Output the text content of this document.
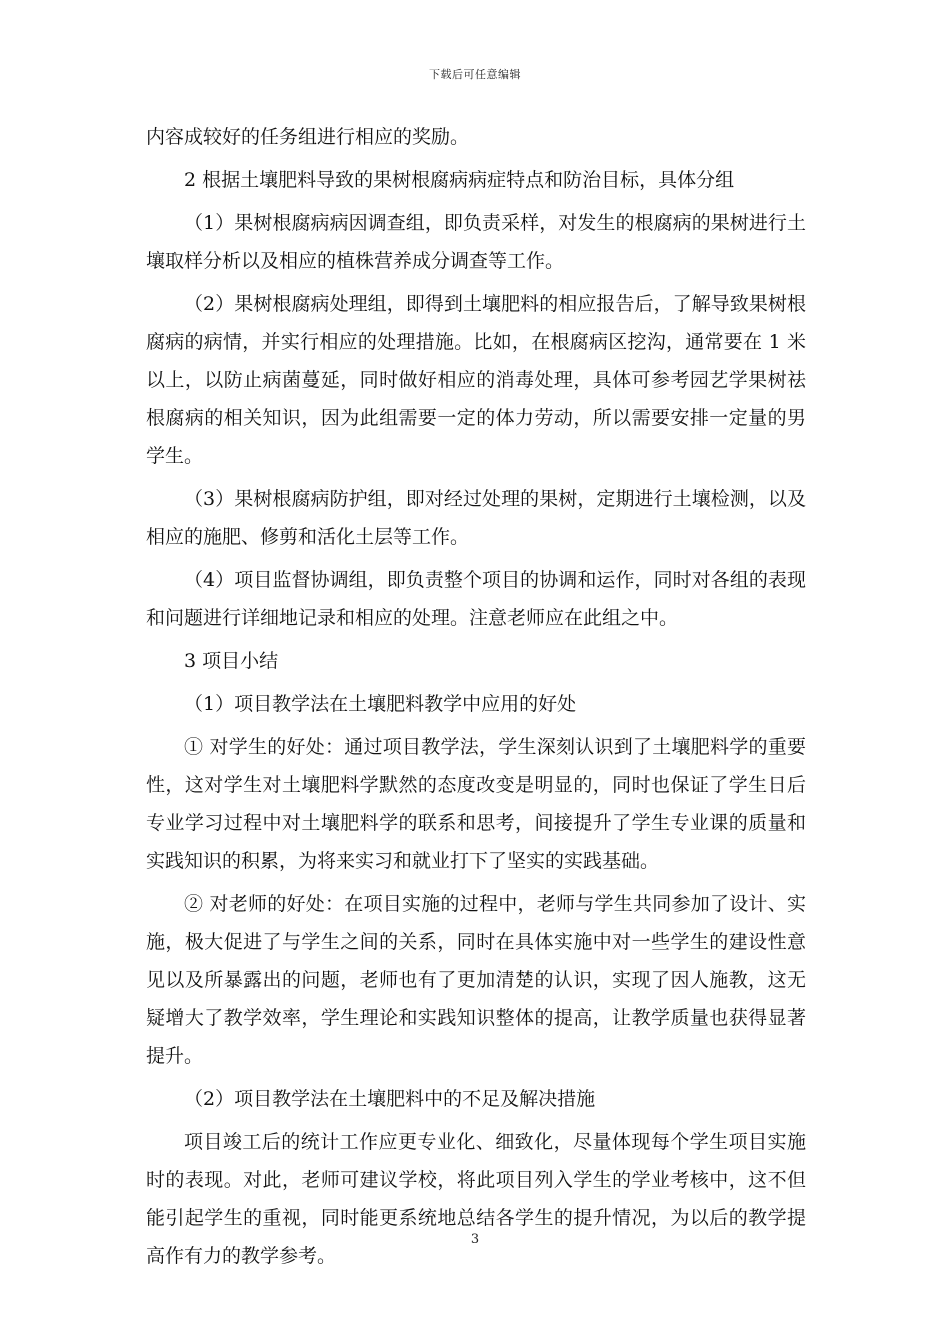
下载后可任意编辑

内容成较好的任务组进行相应的奖励。

2 根据土壤肥料导致的果树根腐病病症特点和防治目标，具体分组

（1）果树根腐病病因调查组，即负责采样，对发生的根腐病的果树进行土壤取样分析以及相应的植株营养成分调查等工作。

（2）果树根腐病处理组，即得到土壤肥料的相应报告后，了解导致果树根腐病的病情，并实行相应的处理措施。比如，在根腐病区挖沟，通常要在 1 米以上，以防止病菌蔓延，同时做好相应的消毒处理，具体可参考园艺学果树祛根腐病的相关知识，因为此组需要一定的体力劳动，所以需要安排一定量的男学生。

（3）果树根腐病防护组，即对经过处理的果树，定期进行土壤检测，以及相应的施肥、修剪和活化土层等工作。

（4）项目监督协调组，即负责整个项目的协调和运作，同时对各组的表现和问题进行详细地记录和相应的处理。注意老师应在此组之中。

3 项目小结

（1）项目教学法在土壤肥料教学中应用的好处

① 对学生的好处：通过项目教学法，学生深刻认识到了土壤肥料学的重要性，这对学生对土壤肥料学默然的态度改变是明显的，同时也保证了学生日后专业学习过程中对土壤肥料学的联系和思考，间接提升了学生专业课的质量和实践知识的积累，为将来实习和就业打下了坚实的实践基础。

② 对老师的好处：在项目实施的过程中，老师与学生共同参加了设计、实施，极大促进了与学生之间的关系，同时在具体实施中对一些学生的建设性意见以及所暴露出的问题，老师也有了更加清楚的认识，实现了因人施教，这无疑增大了教学效率，学生理论和实践知识整体的提高，让教学质量也获得显著提升。

（2）项目教学法在土壤肥料中的不足及解决措施

项目竣工后的统计工作应更专业化、细致化，尽量体现每个学生项目实施时的表现。对此，老师可建议学校，将此项目列入学生的学业考核中，这不但能引起学生的重视，同时能更系统地总结各学生的提升情况，为以后的教学提高作有力的教学参考。

3
